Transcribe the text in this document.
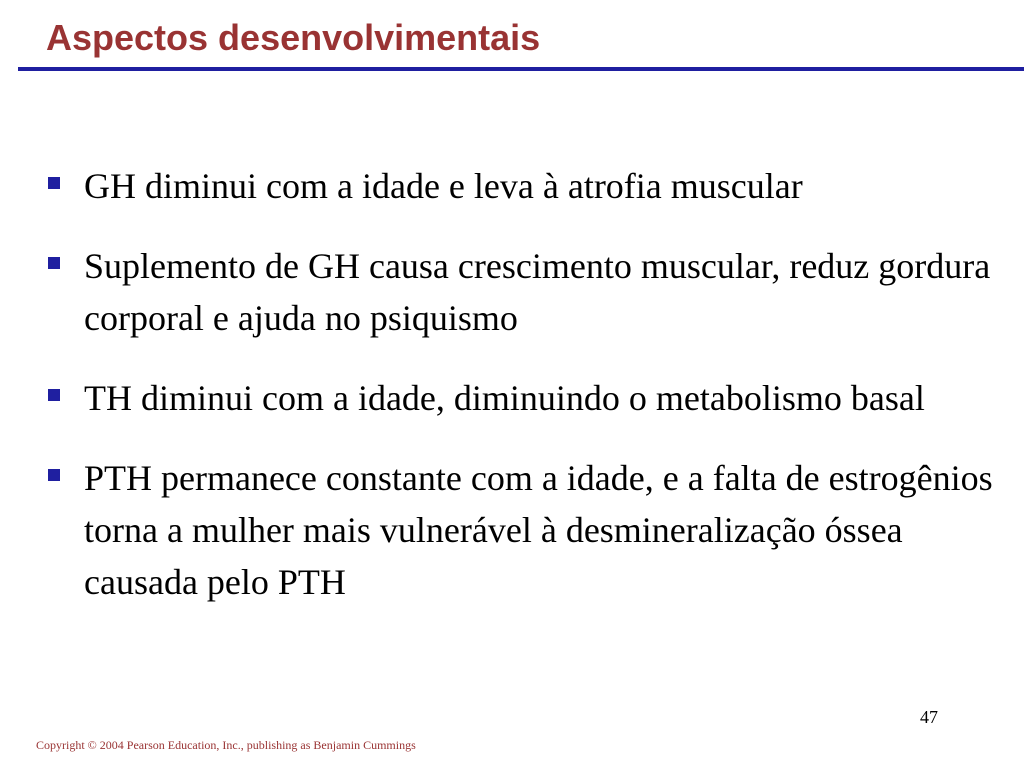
Aspectos desenvolvimentais
GH diminui com a idade e leva à atrofia muscular
Suplemento de GH causa crescimento muscular, reduz gordura corporal e ajuda no psiquismo
TH diminui com a idade, diminuindo o metabolismo basal
PTH permanece constante com a idade, e a falta de estrogênios torna a mulher mais vulnerável à desmineralização óssea causada pelo PTH
47
Copyright © 2004 Pearson Education, Inc., publishing as Benjamin Cummings
